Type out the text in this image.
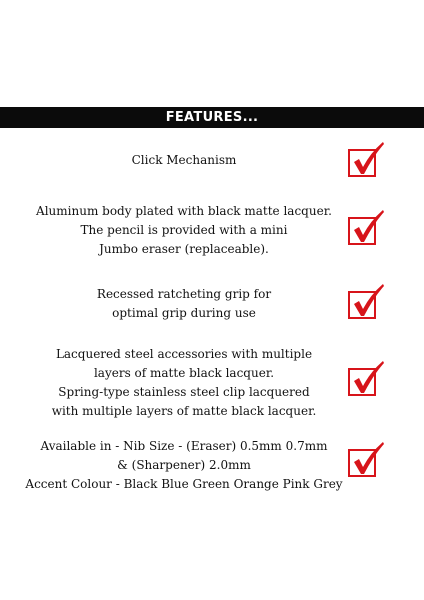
FEATURES...
Click Mechanism
Aluminum body plated with black matte lacquer.
The pencil is provided with a mini
Jumbo eraser (replaceable).
Recessed ratcheting grip for
optimal grip during use
Lacquered steel accessories with multiple
layers of matte black lacquer.
Spring-type stainless steel clip lacquered
with multiple layers of matte black lacquer.
Available in - Nib Size - (Eraser) 0.5mm 0.7mm
& (Sharpener) 2.0mm
Accent Colour - Black Blue Green Orange Pink Grey
